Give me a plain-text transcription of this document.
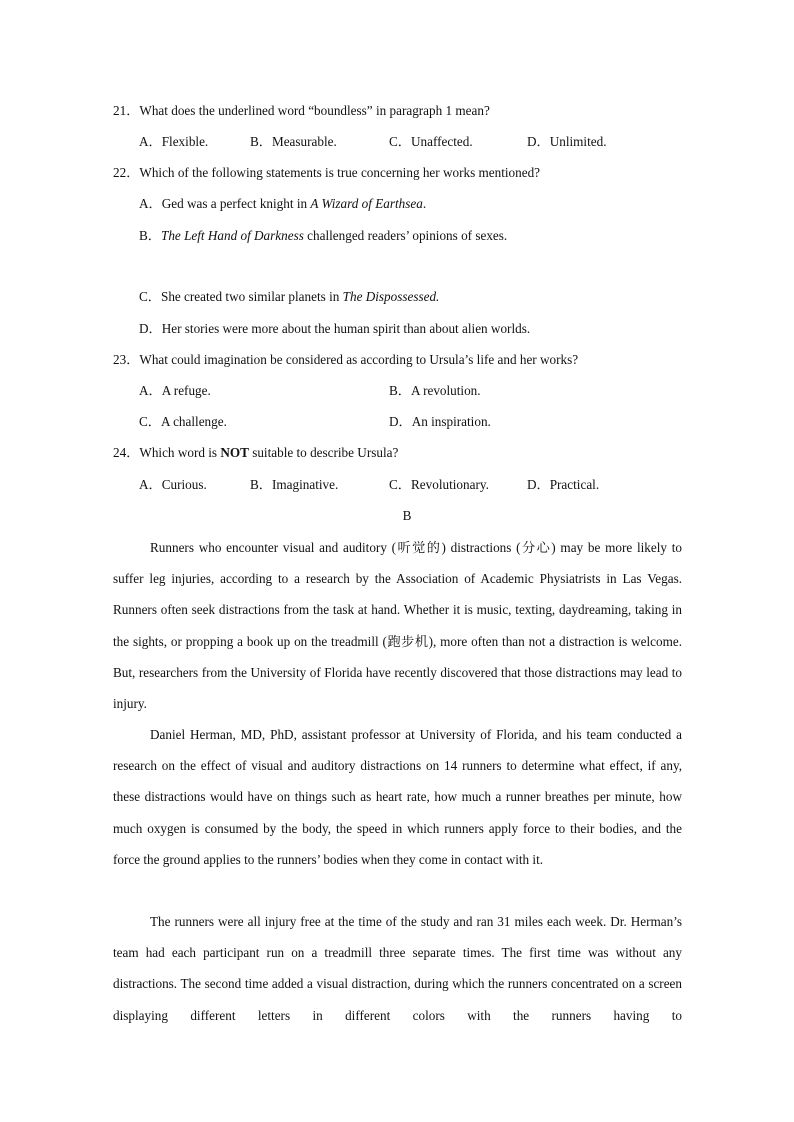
21．What does the underlined word “boundless” in paragraph 1 mean?
A．Flexible.	B．Measurable.	C．Unaffected.	D．Unlimited.
22．Which of the following statements is true concerning her works mentioned?
A．Ged was a perfect knight in A Wizard of Earthsea.
B．The Left Hand of Darkness challenged readers’ opinions of sexes.
C．She created two similar planets in The Dispossessed.
D．Her stories were more about the human spirit than about alien worlds.
23．What could imagination be considered as according to Ursula’s life and her works?
A．A refuge.	B．A revolution.
C．A challenge.	D．An inspiration.
24．Which word is NOT suitable to describe Ursula?
A．Curious.	B．Imaginative.	C．Revolutionary.	D．Practical.
B

Runners who encounter visual and auditory (听觉的) distractions (分心) may be more likely to suffer leg injuries, according to a research by the Association of Academic Physiatrists in Las Vegas. Runners often seek distractions from the task at hand. Whether it is music, texting, daydreaming, taking in the sights, or propping a book up on the treadmill (跑步机), more often than not a distraction is welcome. But, researchers from the University of Florida have recently discovered that those distractions may lead to injury.

Daniel Herman, MD, PhD, assistant professor at University of Florida, and his team conducted a research on the effect of visual and auditory distractions on 14 runners to determine what effect, if any, these distractions would have on things such as heart rate, how much a runner breathes per minute, how much oxygen is consumed by the body, the speed in which runners apply force to their bodies, and the force the ground applies to the runners’ bodies when they come in contact with it.

The runners were all injury free at the time of the study and ran 31 miles each week. Dr. Herman’s team had each participant run on a treadmill three separate times. The first time was without any distractions. The second time added a visual distraction, during which the runners concentrated on a screen displaying different letters in different colors with the runners having to
